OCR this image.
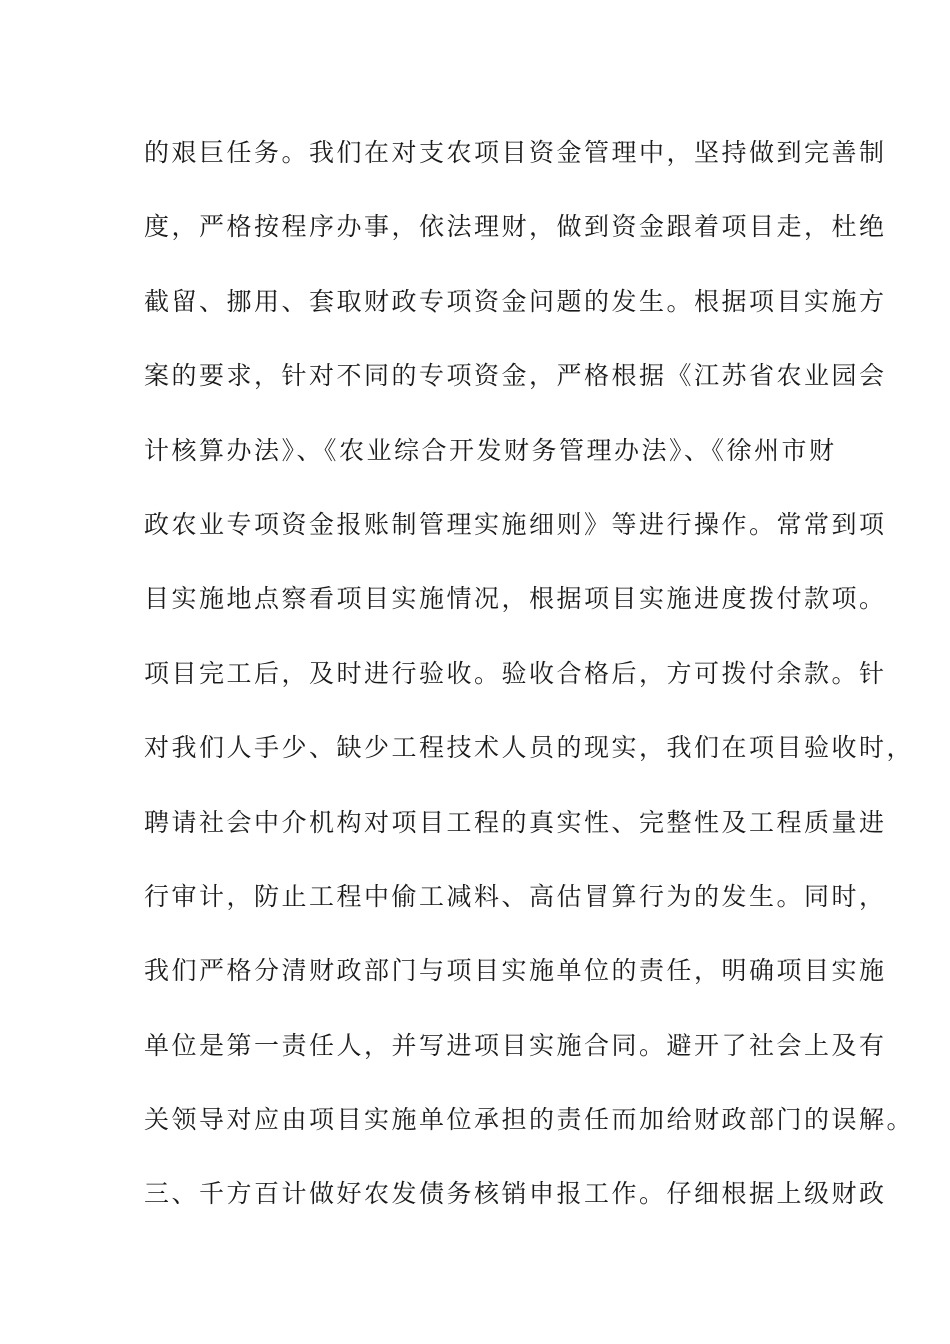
的艰巨任务。我们在对支农项目资金管理中，坚持做到完善制
度，严格按程序办事，依法理财，做到资金跟着项目走，杜绝
截留、挪用、套取财政专项资金问题的发生。根据项目实施方
案的要求，针对不同的专项资金，严格根据《江苏省农业园会
计核算办法》、《农业综合开发财务管理办法》、《徐州市财
政农业专项资金报账制管理实施细则》等进行操作。常常到项
目实施地点察看项目实施情况，根据项目实施进度拨付款项。
项目完工后，及时进行验收。验收合格后，方可拨付余款。针
对我们人手少、缺少工程技术人员的现实，我们在项目验收时，
聘请社会中介机构对项目工程的真实性、完整性及工程质量进
行审计，防止工程中偷工减料、高估冒算行为的发生。同时，
我们严格分清财政部门与项目实施单位的责任，明确项目实施
单位是第一责任人，并写进项目实施合同。避开了社会上及有
关领导对应由项目实施单位承担的责任而加给财政部门的误解。
三、千方百计做好农发债务核销申报工作。仔细根据上级财政
